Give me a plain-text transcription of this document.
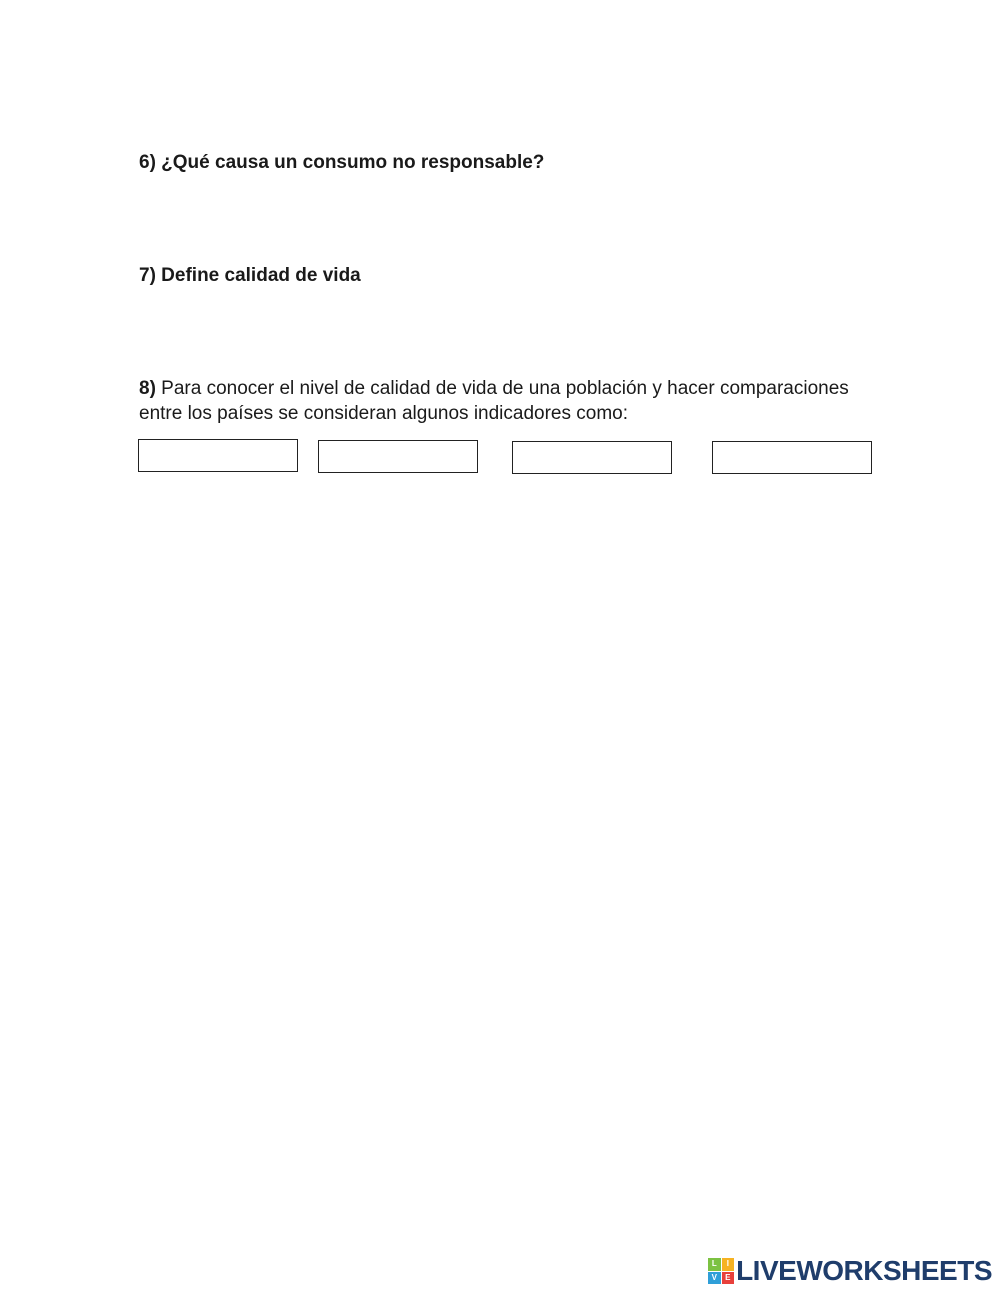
6) ¿Qué causa un consumo no responsable?
7) Define calidad de vida
8) Para conocer el nivel de calidad de vida de una población y hacer comparaciones
entre los países se consideran algunos indicadores como:
L	I
V	E LIVEWORKSHEETS
